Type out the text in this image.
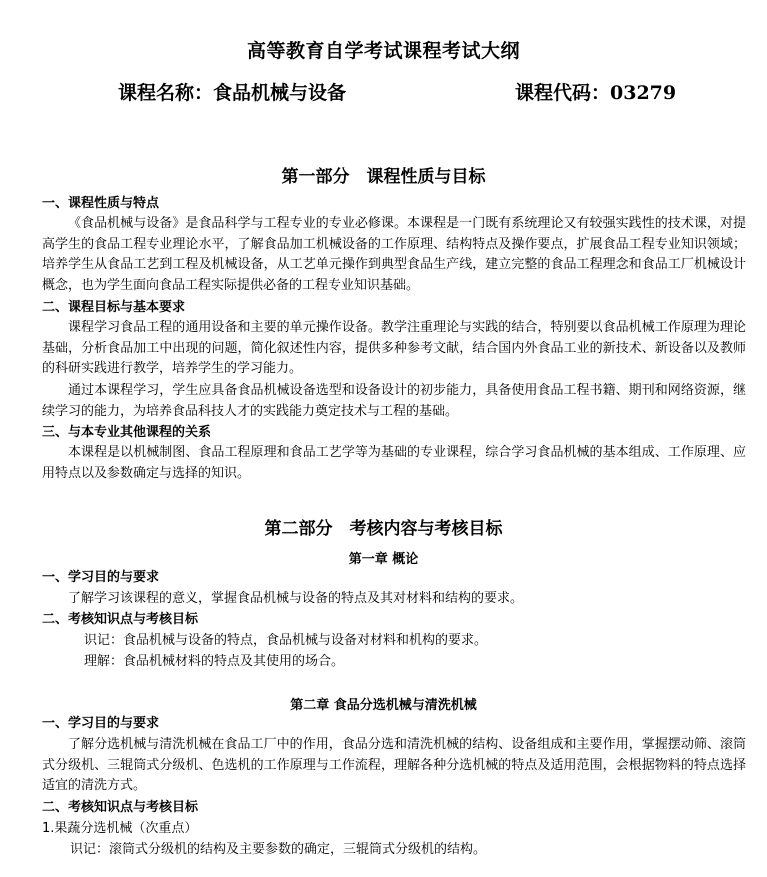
高等教育自学考试课程考试大纲
课程名称：食品机械与设备	课程代码：03279
第一部分　课程性质与目标
一、课程性质与特点
《食品机械与设备》是食品科学与工程专业的专业必修课。本课程是一门既有系统理论又有较强实践性的技术课，对提高学生的食品工程专业理论水平，了解食品加工机械设备的工作原理、结构特点及操作要点，扩展食品工程专业知识领域；培养学生从食品工艺到工程及机械设备，从工艺单元操作到典型食品生产线，建立完整的食品工程理念和食品工厂机械设计概念，也为学生面向食品工程实际提供必备的工程专业知识基础。
二、课程目标与基本要求
课程学习食品工程的通用设备和主要的单元操作设备。教学注重理论与实践的结合，特别要以食品机械工作原理为理论基础，分析食品加工中出现的问题，简化叙述性内容，提供多种参考文献，结合国内外食品工业的新技术、新设备以及教师的科研实践进行教学，培养学生的学习能力。
通过本课程学习，学生应具备食品机械设备选型和设备设计的初步能力，具备使用食品工程书籍、期刊和网络资源，继续学习的能力，为培养食品科技人才的实践能力奠定技术与工程的基础。
三、与本专业其他课程的关系
本课程是以机械制图、食品工程原理和食品工艺学等为基础的专业课程，综合学习食品机械的基本组成、工作原理、应用特点以及参数确定与选择的知识。
第二部分　考核内容与考核目标
第一章 概论
一、学习目的与要求
了解学习该课程的意义，掌握食品机械与设备的特点及其对材料和结构的要求。
二、考核知识点与考核目标
识记：食品机械与设备的特点，食品机械与设备对材料和机构的要求。
理解：食品机械材料的特点及其使用的场合。
第二章 食品分选机械与清洗机械
一、学习目的与要求
了解分选机械与清洗机械在食品工厂中的作用，食品分选和清洗机械的结构、设备组成和主要作用，掌握摆动筛、滚筒式分级机、三辊筒式分级机、色选机的工作原理与工作流程，理解各种分选机械的特点及适用范围，会根据物料的特点选择适宜的清洗方式。
二、考核知识点与考核目标
1.果蔬分选机械（次重点）
识记：滚筒式分级机的结构及主要参数的确定，三辊筒式分级机的结构。
